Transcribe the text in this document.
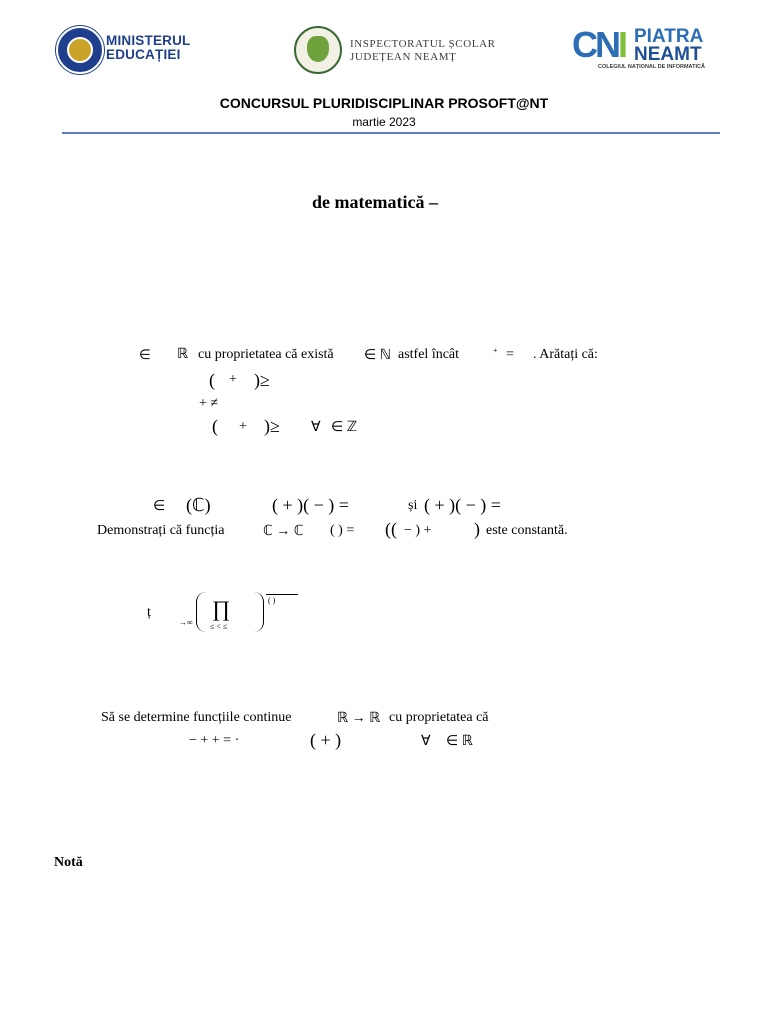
MINISTERUL
EDUCAȚIEI
INSPECTORATUL ȘCOLAR
JUDEȚEAN NEAMȚ	CNI PIATRA
NEAMT
COLEGIUL NAȚIONAL DE INFORMATICĂ
CONCURSUL PLURIDISCIPLINAR PROSOFT@NT
martie 2023
de matematică –
∈ ℝ cu proprietatea că există ∈ ℕ astfel încât	+ = . Arătați că:
( + )≥
+ ≠
( + )≥ ∀ ∈ ℤ
∈ (ℂ)	( + )( − ) =	și ( + )( − ) =
Demonstrați că funcția	ℂ → ℂ ( ) = (( − ) + ) este constantă.
ț
→∞
∏
≤ < ≤
( )
Să se determine funcțiile continue	ℝ → ℝ cu proprietatea că
− + + = ·	( + )	∀ ∈ ℝ
Notă
